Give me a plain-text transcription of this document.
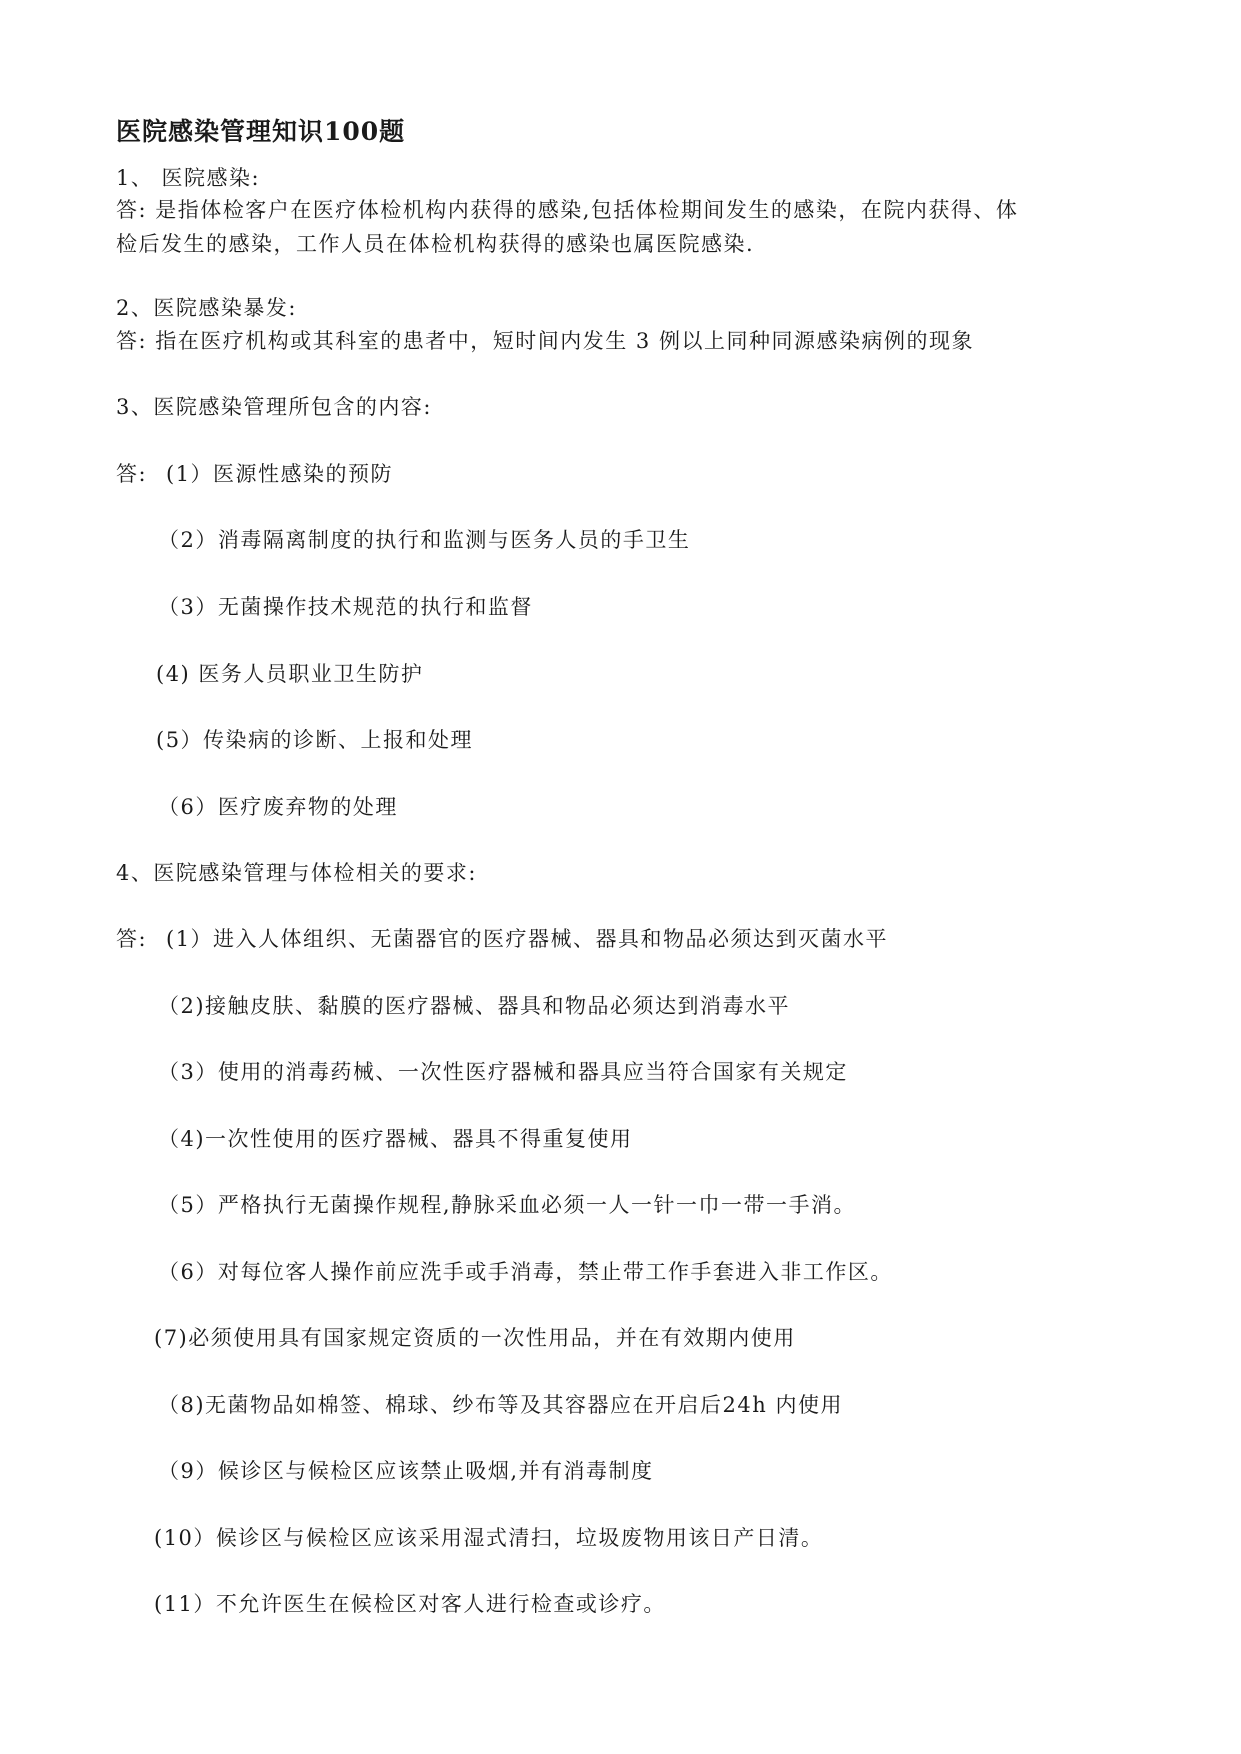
医院感染管理知识100题
1、 医院感染:
答: 是指体检客户在医疗体检机构内获得的感染,包括体检期间发生的感染，在院内获得、体
检后发生的感染，工作人员在体检机构获得的感染也属医院感染.
2、医院感染暴发:
答: 指在医疗机构或其科室的患者中，短时间内发生 3 例以上同种同源感染病例的现象
3、医院感染管理所包含的内容:
答: (1）医源性感染的预防
（2）消毒隔离制度的执行和监测与医务人员的手卫生
（3）无菌操作技术规范的执行和监督
(4) 医务人员职业卫生防护
(5）传染病的诊断、上报和处理
（6）医疗废弃物的处理
4、医院感染管理与体检相关的要求:
答: (1）进入人体组织、无菌器官的医疗器械、器具和物品必须达到灭菌水平
（2)接触皮肤、黏膜的医疗器械、器具和物品必须达到消毒水平
（3）使用的消毒药械、一次性医疗器械和器具应当符合国家有关规定
（4)一次性使用的医疗器械、器具不得重复使用
（5）严格执行无菌操作规程,静脉采血必须一人一针一巾一带一手消。
（6）对每位客人操作前应洗手或手消毒，禁止带工作手套进入非工作区。
(7)必须使用具有国家规定资质的一次性用品，并在有效期内使用
（8)无菌物品如棉签、棉球、纱布等及其容器应在开启后24h 内使用
（9）候诊区与候检区应该禁止吸烟,并有消毒制度
(10）候诊区与候检区应该采用湿式清扫，垃圾废物用该日产日清。
(11）不允许医生在候检区对客人进行检查或诊疗。
